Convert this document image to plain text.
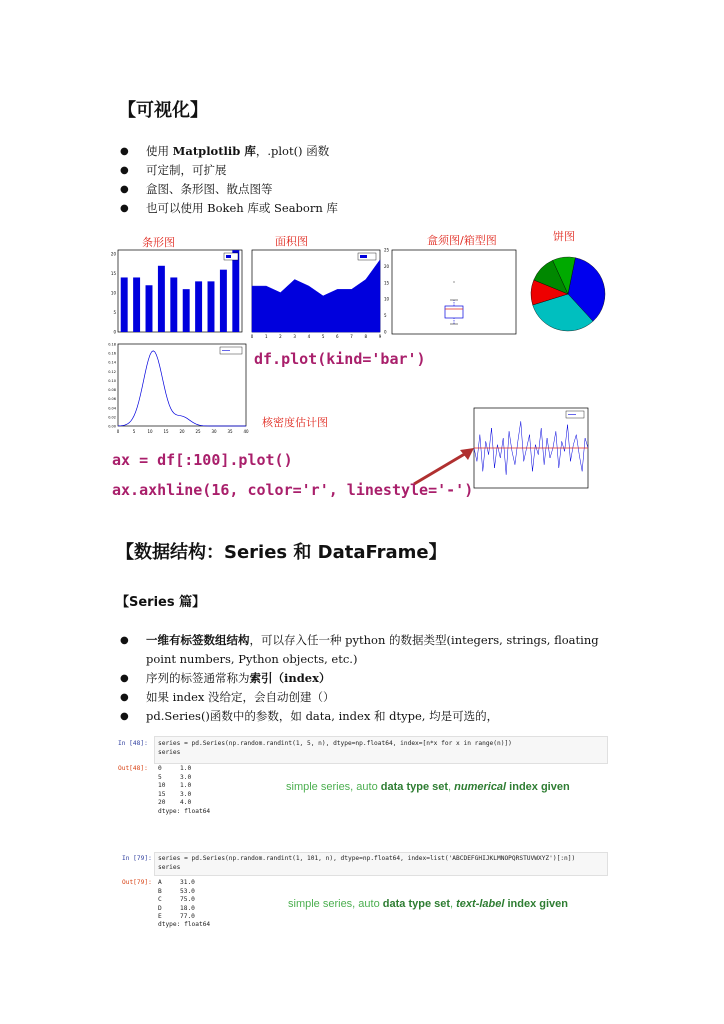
【可视化】
● 使用 Matplotlib 库，.plot() 函数
● 可定制，可扩展
● 盒图、条形图、散点图等
● 也可以使用 Bokeh 库或 Seaborn 库
条形图	面积图	盒须图/箱型图	饼图
0
5
10
15
20
0	1	2	3	4	5	6	7	8	9
0
5
10
15
20
25
0	5	10	15	20	25	30	35	40
0.00
0.02
0.04
0.06
0.08
0.10
0.12
0.14
0.16
0.18
df.plot(kind='bar')
核密度估计图
ax = df[:100].plot()
ax.axhline(16, color='r', linestyle='-')
【数据结构：Series 和 DataFrame】
【Series 篇】
● 一维有标签数组结构，可以存入任一种 python 的数据类型(integers, strings, floating point numbers, Python objects, etc.)
● 序列的标签通常称为索引（index）
● 如果 index 没给定，会自动创建（）
● pd.Series()函数中的参数，如 data, index 和 dtype, 均是可选的，
In [48]: series = pd.Series(np.random.randint(1, 5, n), dtype=np.float64, index=[n*x for x in range(n)])
series
Out[48]: 0	1.0
5	3.0
10 1.0
15 3.0
20 4.0
dtype: float64
simple series, auto data type set, numerical index given
In [79]: series = pd.Series(np.random.randint(1, 101, n), dtype=np.float64, index=list('ABCDEFGHIJKLMNOPQRSTUVWXYZ')[:n])
series
Out[79]: A	31.0
B	53.0
C	75.0
D	18.0
E	77.0
dtype: float64
simple series, auto data type set, text-label index given
